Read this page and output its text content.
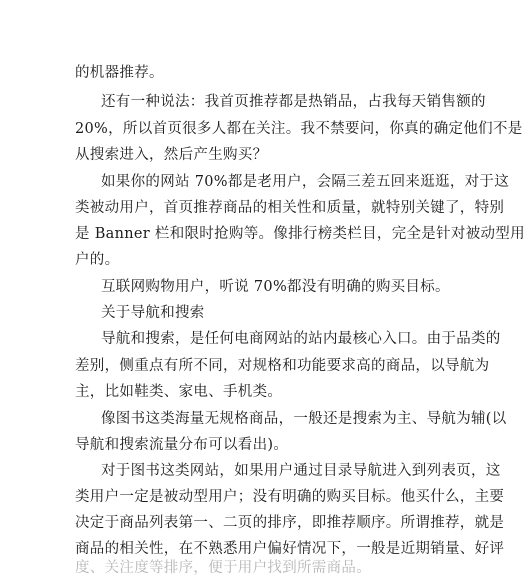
的机器推荐。
还有一种说法：我首页推荐都是热销品，占我每天销售额的
20%，所以首页很多人都在关注。我不禁要问，你真的确定他们不是
从搜索进入，然后产生购买？
如果你的网站 70%都是老用户，会隔三差五回来逛逛，对于这
类被动用户，首页推荐商品的相关性和质量，就特别关键了，特别
是 Banner 栏和限时抢购等。像排行榜类栏目，完全是针对被动型用
户的。
互联网购物用户，听说 70%都没有明确的购买目标。
关于导航和搜索
导航和搜索，是任何电商网站的站内最核心入口。由于品类的
差别，侧重点有所不同，对规格和功能要求高的商品，以导航为
主，比如鞋类、家电、手机类。
像图书这类海量无规格商品，一般还是搜索为主、导航为辅(以
导航和搜索流量分布可以看出)。
对于图书这类网站，如果用户通过目录导航进入到列表页，这
类用户一定是被动型用户；没有明确的购买目标。他买什么，主要
决定于商品列表第一、二页的排序，即推荐顺序。所谓推荐，就是
商品的相关性，在不熟悉用户偏好情况下，一般是近期销量、好评
度、关注度等排序，便于用户找到所需商品。
